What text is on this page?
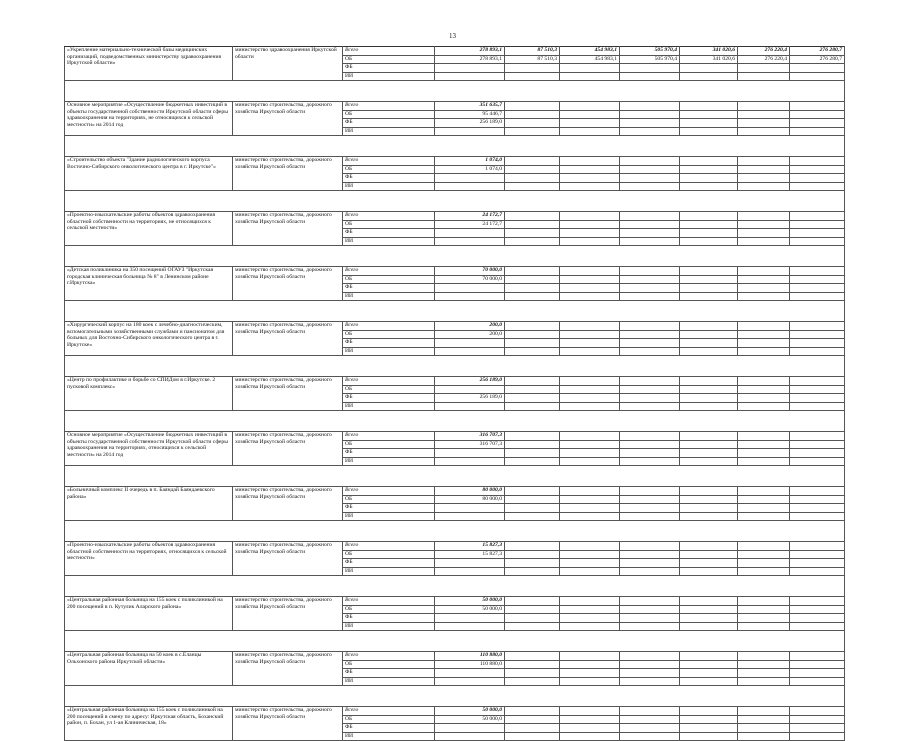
13
«Укрепление материально-технической базы медицинских организаций, подведомственных министерству здравоохранения Иркутской области»	министерство здравоохранения Иркутской области	Всего	278 893,1	87 510,3	454 983,1	505 970,4	341 020,6	276 220,4	276 280,7
		ОБ	278 893,1	87 510,3	454 983,1	505 970,4	341 020,6	276 220,4	276 280,7
		ФБ							
		ИИ							

Основное мероприятие «Осуществление бюджетных инвестиций в объекты государственной собственности Иркутской области сферы здравоохранения на территориях, не относящихся к сельской местности» на 2014 год	министерство строительства, дорожного хозяйства Иркутской области	Всего	351 635,7						
		ОБ	95 446,7						
		ФБ	256 189,0						
		ИИ							

«Строительство объекта "Здание радиологического корпуса Восточно-Сибирского онкологического центра в г. Иркутске"»	министерство строительства, дорожного хозяйства Иркутской области	Всего	1 074,0						
		ОБ	1 074,0						
		ФБ							
		ИИ							

«Проектно-изыскательские работы объектов здравоохранения областной собственности на территориях, не относящихся к сельской местности»	министерство строительства, дорожного хозяйства Иркутской области	Всего	24 172,7						
		ОБ	24 172,7						
		ФБ							
		ИИ							

«Детская поликлиника на 350 посещений ОГАУЗ "Иркутская городская клиническая больница № 8" в Ленинском районе г.Иркутска»	министерство строительства, дорожного хозяйства Иркутской области	Всего	70 000,0						
		ОБ	70 000,0						
		ФБ							
		ИИ							

«Хирургический корпус на 180 коек с лечебно-диагностическим, вспомогательными хозяйственными службами и пансионатом для больных для Восточно-Сибирского онкологического центра в г. Иркутске»	министерство строительства, дорожного хозяйства Иркутской области	Всего	200,0						
		ОБ	200,0						
		ФБ							
		ИИ							

«Центр по профилактике и борьбе со СПИДом в г.Иркутске. 2 пусковой комплекс»	министерство строительства, дорожного хозяйства Иркутской области	Всего	256 189,0						
		ОБ							
		ФБ	256 189,0						
		ИИ							

Основное мероприятие «Осуществление бюджетных инвестиций в объекты государственной собственности Иркутской области сферы здравоохранения на территориях, относящихся к сельской местности» на 2014 год	министерство строительства, дорожного хозяйства Иркутской области	Всего	316 707,3						
		ОБ	316 707,3						
		ФБ							
		ИИ							

«Больничный комплекс II очередь в п. Баяндай Баяндаевского района»	министерство строительства, дорожного хозяйства Иркутской области	Всего	80 000,0						
		ОБ	80 000,0						
		ФБ							
		ИИ							

«Проектно-изыскательские работы объектов здравоохранения областной собственности на территориях, относящихся к сельской местности»	министерство строительства, дорожного хозяйства Иркутской области	Всего	15 827,3						
		ОБ	15 827,3						
		ФБ							
		ИИ							

«Центральная районная больница на 155 коек с поликлиникой на 200 посещений в п. Кутулик Аларского района»	министерство строительства, дорожного хозяйства Иркутской области	Всего	50 000,0						
		ОБ	50 000,0						
		ФБ							
		ИИ							

«Центральная районная больница на 50 коек в с.Еланцы Ольхонского района Иркутской области»	министерство строительства, дорожного хозяйства Иркутской области	Всего	110 880,0						
		ОБ	110 880,0						
		ФБ							
		ИИ							

«Центральная районная больница на 155 коек с поликлиникой на 200 посещений в смену по адресу: Иркутская область, Боханский район, п. Бохан, ул 1-ая Клиническая, 18»	министерство строительства, дорожного хозяйства Иркутской области	Всего	50 000,0						
		ОБ	50 000,0						
		ФБ							
		ИИ							
